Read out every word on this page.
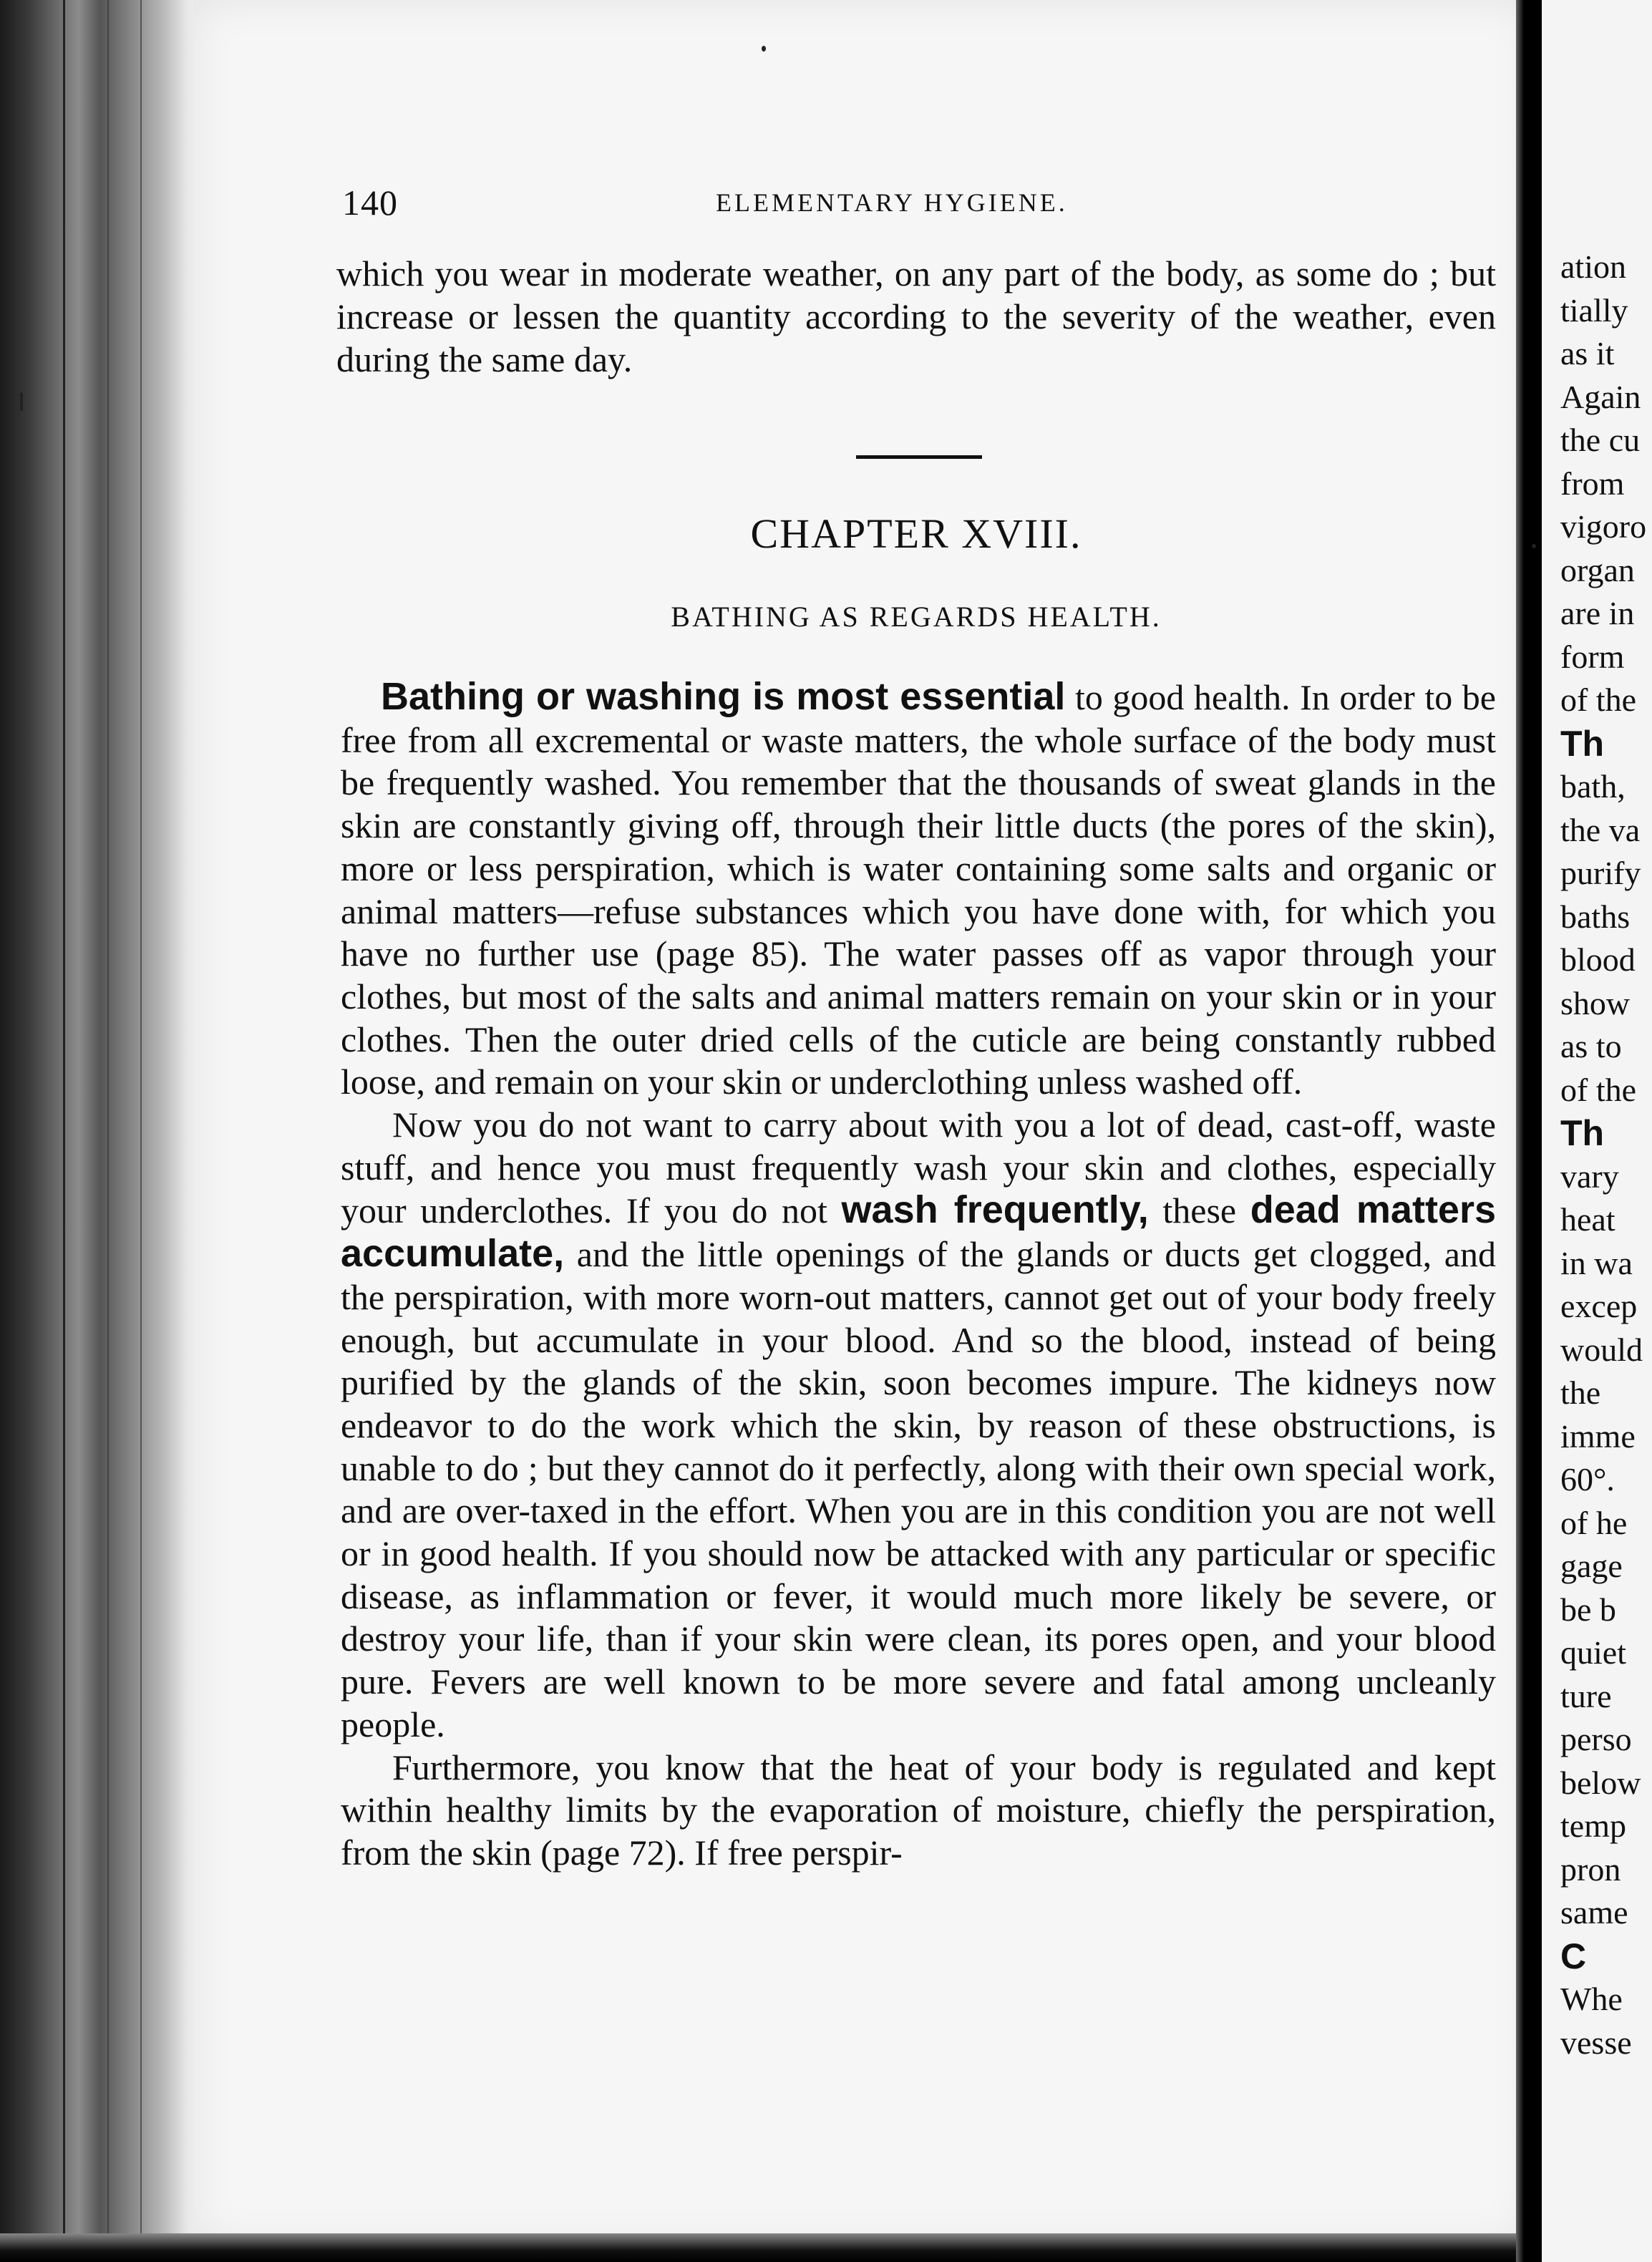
140	ELEMENTARY HYGIENE.

which you wear in moderate weather, on any part of the body, as some do ; but increase or lessen the quantity according to the severity of the weather, even during the same day.

CHAPTER XVIII.
BATHING AS REGARDS HEALTH.

Bathing or washing is most essential to good health. In order to be free from all excremental or waste matters, the whole surface of the body must be frequently washed. You remember that the thousands of sweat glands in the skin are constantly giving off, through their little ducts (the pores of the skin), more or less perspiration, which is water containing some salts and organic or animal matters—refuse substances which you have done with, for which you have no further use (page 85). The water passes off as vapor through your clothes, but most of the salts and animal matters remain on your skin or in your clothes. Then the outer dried cells of the cuticle are being constantly rubbed loose, and remain on your skin or underclothing unless washed off.

Now you do not want to carry about with you a lot of dead, cast-off, waste stuff, and hence you must frequently wash your skin and clothes, especially your underclothes. If you do not wash frequently, these dead matters accumulate, and the little openings of the glands or ducts get clogged, and the perspiration, with more worn-out matters, cannot get out of your body freely enough, but accumulate in your blood. And so the blood, instead of being purified by the glands of the skin, soon becomes impure. The kidneys now endeavor to do the work which the skin, by reason of these obstructions, is unable to do ; but they cannot do it perfectly, along with their own special work, and are over-taxed in the effort. When you are in this condition you are not well or in good health. If you should now be attacked with any particular or specific disease, as inflammation or fever, it would much more likely be severe, or destroy your life, than if your skin were clean, its pores open, and your blood pure. Fevers are well known to be more severe and fatal among uncleanly people.

Furthermore, you know that the heat of your body is regulated and kept within healthy limits by the evaporation of moisture, chiefly the perspiration, from the skin (page 72). If free perspir-

ation
tially
as it
Again
the cu
from
vigoro
organ
are in
form
of the
Th
bath,
the va
purify
baths
blood
show
as to
of the
Th
vary
heat
in wa
excep
would
the
imme
60°.
of he
gage
be b
quiet
ture
perso
below
temp
pron
same
C
Whe
vesse
